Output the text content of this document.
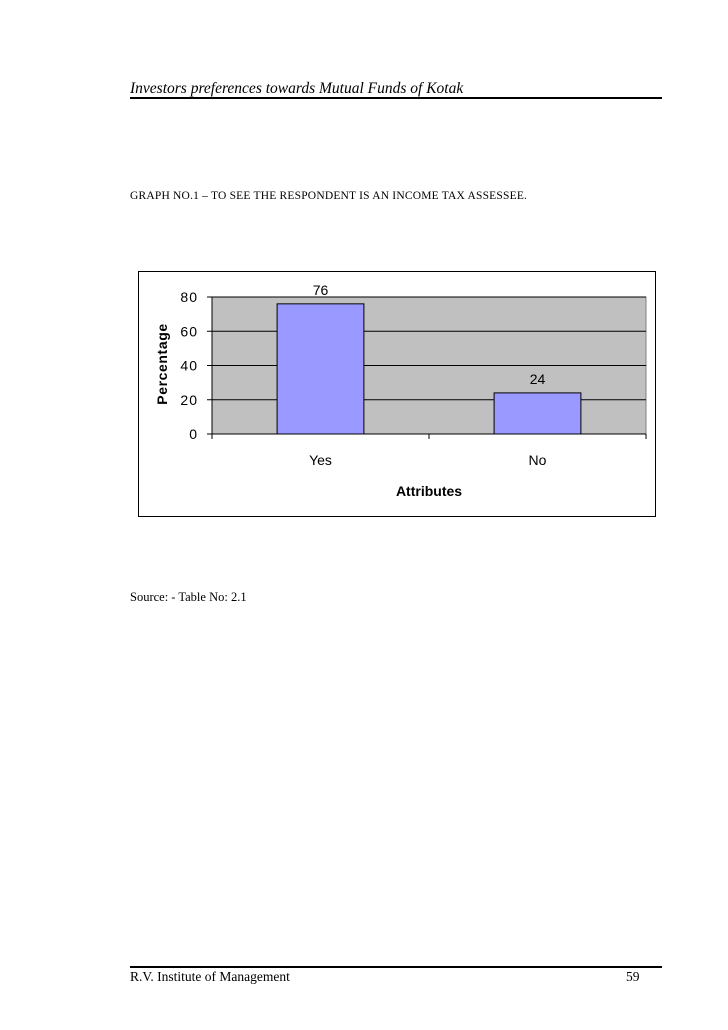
Investors preferences towards Mutual Funds of Kotak
GRAPH NO.1 – TO SEE THE RESPONDENT IS AN INCOME TAX ASSESSEE.
76
Yes
24
No
0
20
40
60
80
Percentage
Attributes
Source: - Table No: 2.1
R.V. Institute of Management	59
